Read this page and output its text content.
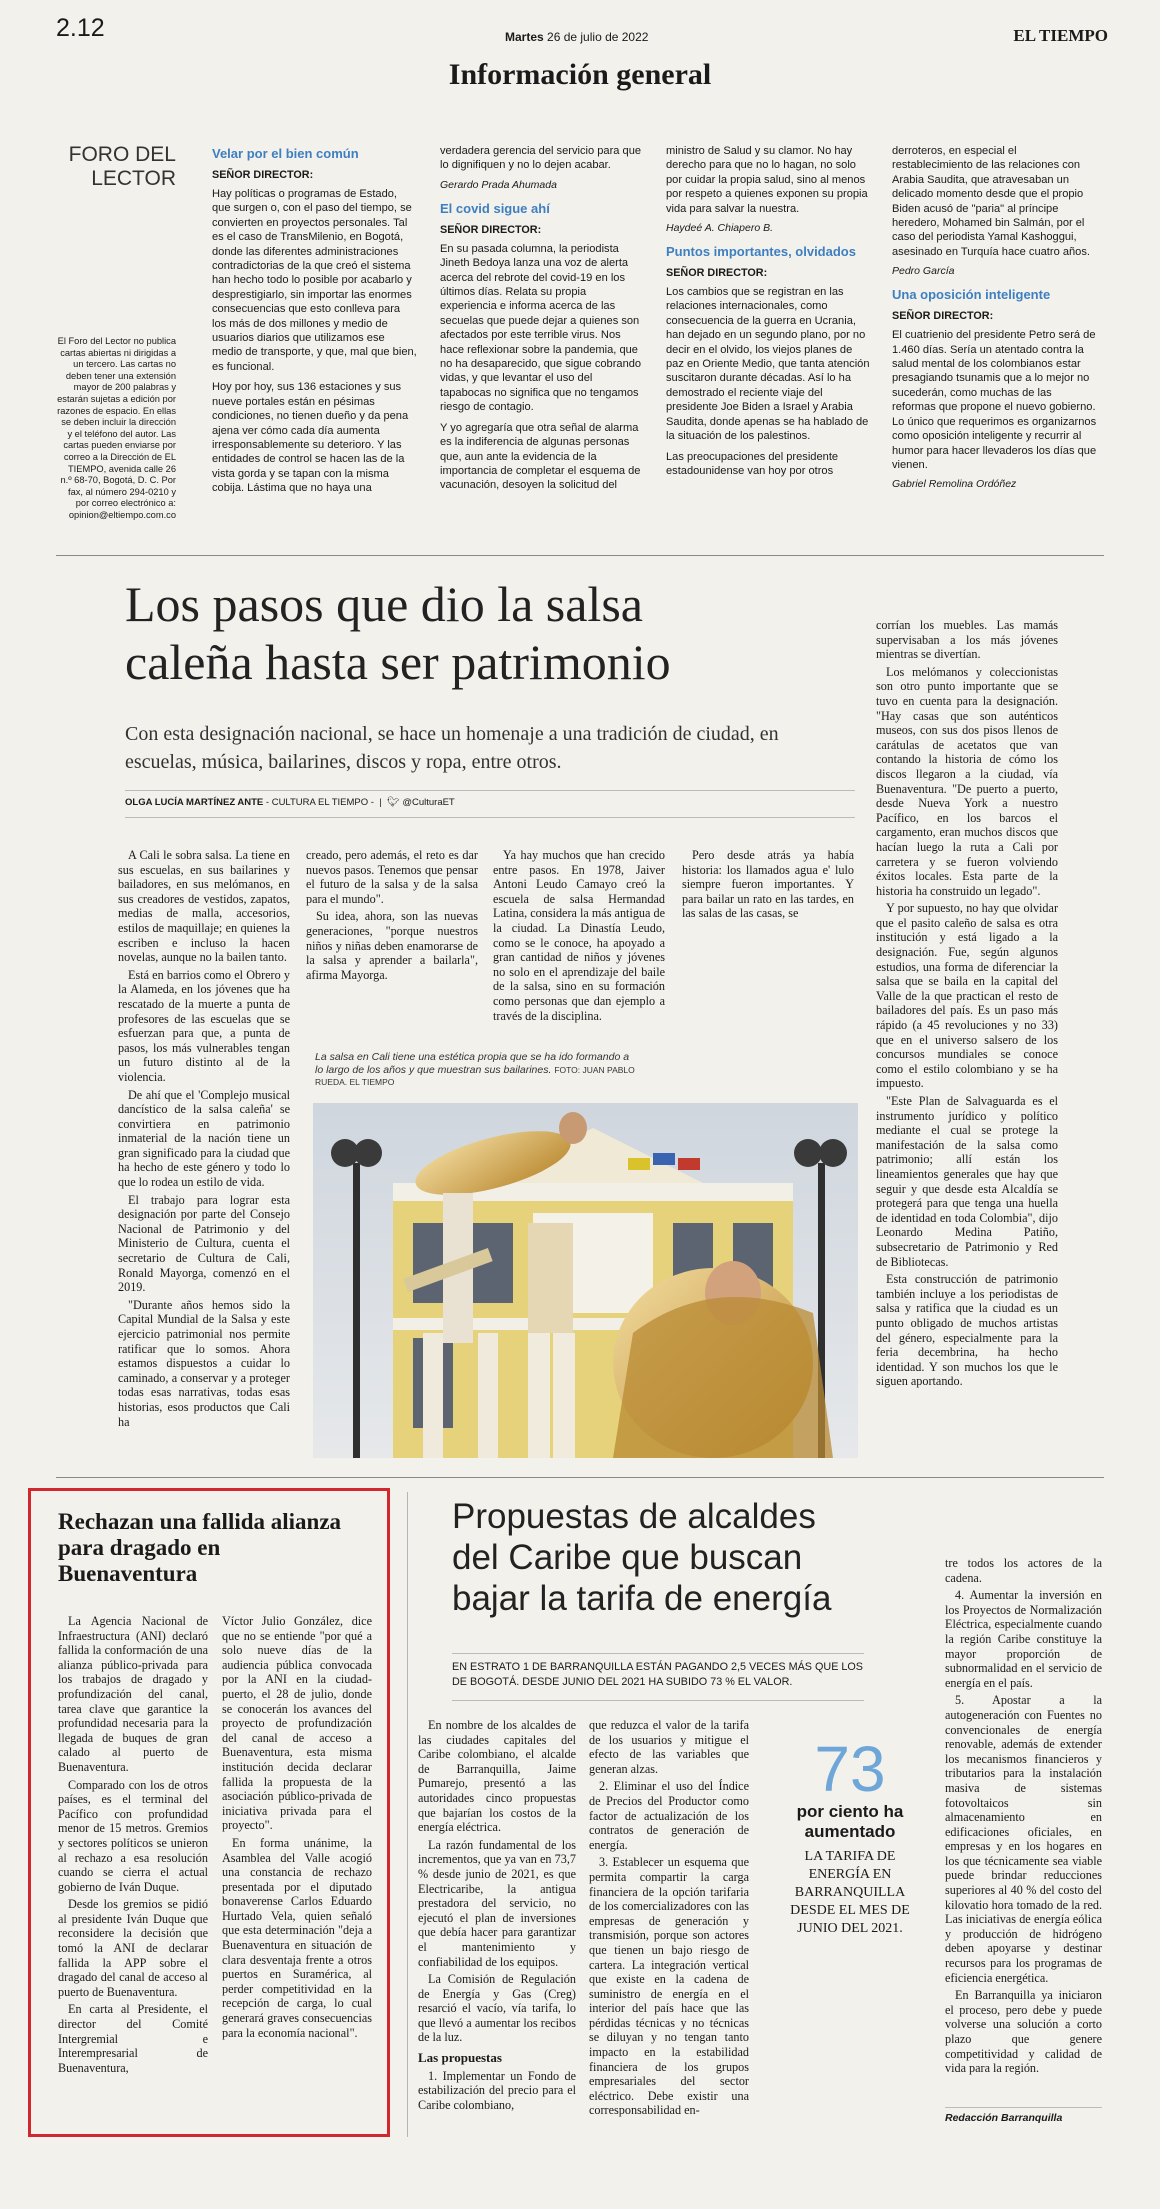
2.12	Martes 26 de julio de 2022	EL TIEMPO
Información general
FORO DEL
LECTOR
El Foro del Lector no publica cartas abiertas ni dirigidas a un tercero. Las cartas no deben tener una extensión mayor de 200 palabras y estarán sujetas a edición por razones de espacio. En ellas se deben incluir la dirección y el teléfono del autor. Las cartas pueden enviarse por correo a la Dirección de EL TIEMPO, avenida calle 26 n.º 68-70, Bogotá, D. C. Por fax, al número 294-0210 y por correo electrónico a: opinion@eltiempo.com.co
Velar por el bien común
SEÑOR DIRECTOR:

Hay políticas o programas de Estado, que surgen o, con el paso del tiempo, se convierten en proyectos personales. Tal es el caso de TransMilenio, en Bogotá, donde las diferentes administraciones contradictorias de la que creó el sistema han hecho todo lo posible por acabarlo y desprestigiarlo, sin importar las enormes consecuencias que esto conlleva para los más de dos millones y medio de usuarios diarios que utilizamos ese medio de transporte, y que, mal que bien, es funcional.

Hoy por hoy, sus 136 estaciones y sus nueve portales están en pésimas condiciones, no tienen dueño y da pena ajena ver cómo cada día aumenta irresponsablemente su deterioro. Y las entidades de control se hacen las de la vista gorda y se tapan con la misma cobija. Lástima que no haya una

verdadera gerencia del servicio para que lo dignifiquen y no lo dejen acabar.

Gerardo Prada Ahumada
El covid sigue ahí
SEÑOR DIRECTOR:

En su pasada columna, la periodista Jineth Bedoya lanza una voz de alerta acerca del rebrote del covid-19 en los últimos días. Relata su propia experiencia e informa acerca de las secuelas que puede dejar a quienes son afectados por este terrible virus. Nos hace reflexionar sobre la pandemia, que no ha desaparecido, que sigue cobrando vidas, y que levantar el uso del tapabocas no significa que no tengamos riesgo de contagio.

Y yo agregaría que otra señal de alarma es la indiferencia de algunas personas que, aun ante la evidencia de la importancia de completar el esquema de vacunación, desoyen la solicitud del

ministro de Salud y su clamor. No hay derecho para que no lo hagan, no solo por cuidar la propia salud, sino al menos por respeto a quienes exponen su propia vida para salvar la nuestra.

Haydeé A. Chiapero B.
Puntos importantes, olvidados
SEÑOR DIRECTOR:

Los cambios que se registran en las relaciones internacionales, como consecuencia de la guerra en Ucrania, han dejado en un segundo plano, por no decir en el olvido, los viejos planes de paz en Oriente Medio, que tanta atención suscitaron durante décadas. Así lo ha demostrado el reciente viaje del presidente Joe Biden a Israel y Arabia Saudita, donde apenas se ha hablado de la situación de los palestinos.

Las preocupaciones del presidente estadounidense van hoy por otros

derroteros, en especial el restablecimiento de las relaciones con Arabia Saudita, que atravesaban un delicado momento desde que el propio Biden acusó de "paria" al príncipe heredero, Mohamed bin Salmán, por el caso del periodista Yamal Kashoggui, asesinado en Turquía hace cuatro años.

Pedro García
Una oposición inteligente
SEÑOR DIRECTOR:

El cuatrienio del presidente Petro será de 1.460 días. Sería un atentado contra la salud mental de los colombianos estar presagiando tsunamis que a lo mejor no sucederán, como muchas de las reformas que propone el nuevo gobierno. Lo único que requerimos es organizarnos como oposición inteligente y recurrir al humor para hacer llevaderos los días que vienen.

Gabriel Remolina Ordóñez
Los pasos que dio la salsa
caleña hasta ser patrimonio
Con esta designación nacional, se hace un homenaje a una tradición de ciudad, en escuelas, música, bailarines, discos y ropa, entre otros.
OLGA LUCÍA MARTÍNEZ ANTE - CULTURA EL TIEMPO -  |  🐦︎ @CulturaET

A Cali le sobra salsa. La tiene en sus escuelas, en sus bailarines y bailadores, en sus melómanos, en sus creadores de vestidos, zapatos, medias de malla, accesorios, estilos de maquillaje; en quienes la escriben e incluso la hacen novelas, aunque no la bailen tanto.

Está en barrios como el Obrero y la Alameda, en los jóvenes que ha rescatado de la muerte a punta de profesores de las escuelas que se esfuerzan para que, a punta de pasos, los más vulnerables tengan un futuro distinto al de la violencia.

De ahí que el 'Complejo musical dancístico de la salsa caleña' se convirtiera en patrimonio inmaterial de la nación tiene un gran significado para la ciudad que ha hecho de este género y todo lo que lo rodea un estilo de vida.

El trabajo para lograr esta designación por parte del Consejo Nacional de Patrimonio y del Ministerio de Cultura, cuenta el secretario de Cultura de Cali, Ronald Mayorga, comenzó en el 2019.

"Durante años hemos sido la Capital Mundial de la Salsa y este ejercicio patrimonial nos permite ratificar que lo somos. Ahora estamos dispuestos a cuidar lo caminado, a conservar y a proteger todas esas narrativas, todas esas historias, esos productos que Cali ha

creado, pero además, el reto es dar nuevos pasos. Tenemos que pensar el futuro de la salsa y de la salsa para el mundo".

Su idea, ahora, son las nuevas generaciones, "porque nuestros niños y niñas deben enamorarse de la salsa y aprender a bailarla", afirma Mayorga.

Ya hay muchos que han crecido entre pasos. En 1978, Jaiver Antoni Leudo Camayo creó la escuela de salsa Hermandad Latina, considera la más antigua de la ciudad. La Dinastía Leudo, como se le conoce, ha apoyado a gran cantidad de niños y jóvenes no solo en el aprendizaje del baile de la salsa, sino en su formación como personas que dan ejemplo a través de la disciplina.

Pero desde atrás ya había historia: los llamados agua e' lulo siempre fueron importantes. Y para bailar un rato en las tardes, en las salas de las casas, se

corrían los muebles. Las mamás supervisaban a los más jóvenes mientras se divertían.

Los melómanos y coleccionistas son otro punto importante que se tuvo en cuenta para la designación. "Hay casas que son auténticos museos, con sus dos pisos llenos de carátulas de acetatos que van contando la historia de cómo los discos llegaron a la ciudad, vía Buenaventura. "De puerto a puerto, desde Nueva York a nuestro Pacífico, en los barcos el cargamento, eran muchos discos que hacían luego la ruta a Cali por carretera y se fueron volviendo éxitos locales. Esta parte de la historia ha construido un legado".

Y por supuesto, no hay que olvidar que el pasito caleño de salsa es otra institución y está ligado a la designación. Fue, según algunos estudios, una forma de diferenciar la salsa que se baila en la capital del Valle de la que practican el resto de bailadores del país. Es un paso más rápido (a 45 revoluciones y no 33) que en el universo salsero de los concursos mundiales se conoce como el estilo colombiano y se ha impuesto.

"Este Plan de Salvaguarda es el instrumento jurídico y político mediante el cual se protege la manifestación de la salsa como patrimonio; allí están los lineamientos generales que hay que seguir y que desde esta Alcaldía se protegerá para que tenga una huella de identidad en toda Colombia", dijo Leonardo Medina Patiño, subsecretario de Patrimonio y Red de Bibliotecas.

Esta construcción de patrimonio también incluye a los periodistas de salsa y ratifica que la ciudad es un punto obligado de muchos artistas del género, especialmente para la feria decembrina, ha hecho identidad. Y son muchos los que le siguen aportando.

La salsa en Cali tiene una estética propia que se ha ido formando a lo largo de los años y que muestran sus bailarines. FOTO: JUAN PABLO RUEDA. EL TIEMPO
Rechazan una fallida alianza para dragado en Buenaventura

La Agencia Nacional de Infraestructura (ANI) declaró fallida la conformación de una alianza público-privada para los trabajos de dragado y profundización del canal, tarea clave que garantice la profundidad necesaria para la llegada de buques de gran calado al puerto de Buenaventura.

Comparado con los de otros países, es el terminal del Pacífico con profundidad menor de 15 metros. Gremios y sectores políticos se unieron al rechazo a esa resolución cuando se cierra el actual gobierno de Iván Duque.

Desde los gremios se pidió al presidente Iván Duque que reconsidere la decisión que tomó la ANI de declarar fallida la APP sobre el dragado del canal de acceso al puerto de Buenaventura.

En carta al Presidente, el director del Comité Intergremial e Interempresarial de Buenaventura,

Víctor Julio González, dice que no se entiende "por qué a solo nueve días de la audiencia pública convocada por la ANI en la ciudad-puerto, el 28 de julio, donde se conocerán los avances del proyecto de profundización del canal de acceso a Buenaventura, esta misma institución decida declarar fallida la propuesta de la asociación público-privada de iniciativa privada para el proyecto".

En forma unánime, la Asamblea del Valle acogió una constancia de rechazo presentada por el diputado bonaverense Carlos Eduardo Hurtado Vela, quien señaló que esta determinación "deja a Buenaventura en situación de clara desventaja frente a otros puertos en Suramérica, al perder competitividad en la recepción de carga, lo cual generará graves consecuencias para la economía nacional".

Propuestas de alcaldes
del Caribe que buscan
bajar la tarifa de energía
EN ESTRATO 1 DE BARRANQUILLA ESTÁN PAGANDO 2,5 VECES MÁS QUE LOS DE BOGOTÁ. DESDE JUNIO DEL 2021 HA SUBIDO 73 % EL VALOR.

En nombre de los alcaldes de las ciudades capitales del Caribe colombiano, el alcalde de Barranquilla, Jaime Pumarejo, presentó a las autoridades cinco propuestas que bajarían los costos de la energía eléctrica.

La razón fundamental de los incrementos, que ya van en 73,7 % desde junio de 2021, es que Electricaribe, la antigua prestadora del servicio, no ejecutó el plan de inversiones que debía hacer para garantizar el mantenimiento y confiabilidad de los equipos.

La Comisión de Regulación de Energía y Gas (Creg) resarció el vacío, vía tarifa, lo que llevó a aumentar los recibos de la luz.

Las propuestas

1. Implementar un Fondo de estabilización del precio para el Caribe colombiano,

que reduzca el valor de la tarifa de los usuarios y mitigue el efecto de las variables que generan alzas.

2. Eliminar el uso del Índice de Precios del Productor como factor de actualización de los contratos de generación de energía.

3. Establecer un esquema que permita compartir la carga financiera de la opción tarifaria de los comercializadores con las empresas de generación y transmisión, porque son actores que tienen un bajo riesgo de cartera. La integración vertical que existe en la cadena de suministro de energía en el interior del país hace que las pérdidas técnicas y no técnicas se diluyan y no tengan tanto impacto en la estabilidad financiera de los grupos empresariales del sector eléctrico. Debe existir una corresponsabilidad en-

73
por ciento ha
aumentado
LA TARIFA DE ENERGÍA EN BARRANQUILLA DESDE EL MES DE JUNIO DEL 2021.

tre todos los actores de la cadena.

4. Aumentar la inversión en los Proyectos de Normalización Eléctrica, especialmente cuando la región Caribe constituye la mayor proporción de subnormalidad en el servicio de energía en el país.

5. Apostar a la autogeneración con Fuentes no convencionales de energía renovable, además de extender los mecanismos financieros y tributarios para la instalación masiva de sistemas fotovoltaicos sin almacenamiento en edificaciones oficiales, en empresas y en los hogares en los que técnicamente sea viable puede brindar reducciones superiores al 40 % del costo del kilovatio hora tomado de la red. Las iniciativas de energía eólica y producción de hidrógeno deben apoyarse y destinar recursos para los programas de eficiencia energética.

En Barranquilla ya iniciaron el proceso, pero debe y puede volverse una solución a corto plazo que genere competitividad y calidad de vida para la región.

Redacción Barranquilla
